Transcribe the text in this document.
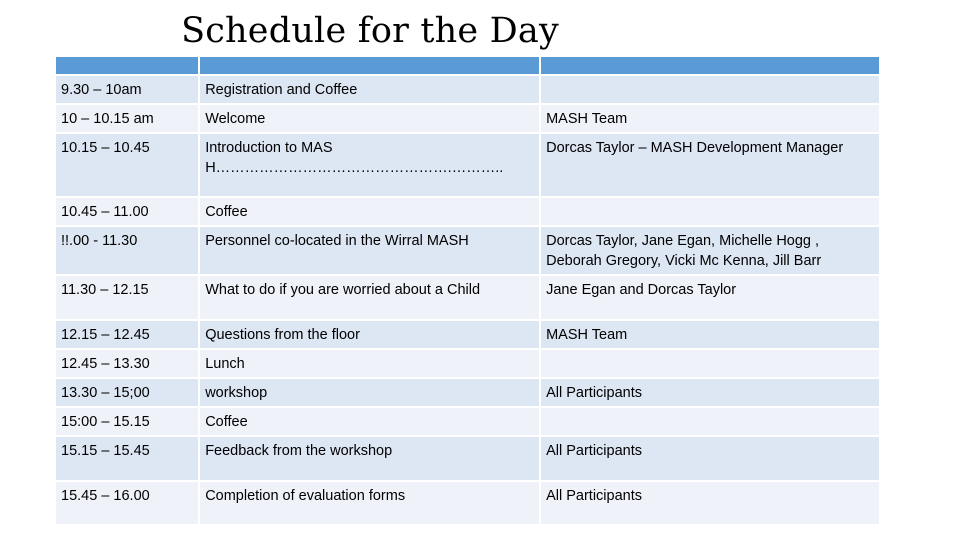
Schedule for the Day

9.30 – 10am	Registration and Coffee	
10 – 10.15 am	Welcome	MASH Team
10.15 – 10.45	Introduction to MASH………………………………………….………..	Dorcas Taylor – MASH Development Manager
10.45 – 11.00	Coffee	
!!.00 - 11.30	Personnel co-located in the Wirral MASH	Dorcas Taylor, Jane Egan, Michelle Hogg , Deborah Gregory, Vicki Mc Kenna, Jill Barr
11.30 – 12.15	What to do if you are worried about a Child	Jane Egan and Dorcas Taylor
12.15 – 12.45	Questions from the floor	MASH Team
12.45 – 13.30	Lunch	
13.30 – 15;00	workshop	All Participants
15:00 – 15.15	Coffee	
15.15 – 15.45	Feedback from the workshop	All Participants
15.45 – 16.00	Completion of evaluation forms	All Participants
